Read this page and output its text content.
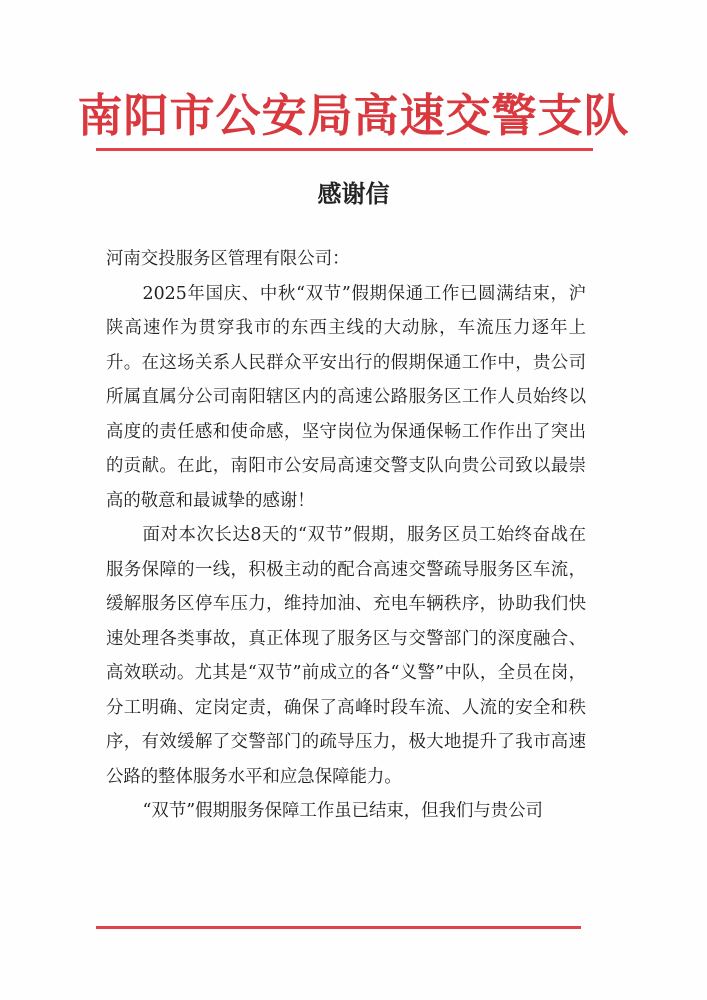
南阳市公安局高速交警支队
感谢信

河南交投服务区管理有限公司：

2025年国庆、中秋“双节”假期保通工作已圆满结束，沪陕高速作为贯穿我市的东西主线的大动脉，车流压力逐年上升。在这场关系人民群众平安出行的假期保通工作中，贵公司所属直属分公司南阳辖区内的高速公路服务区工作人员始终以高度的责任感和使命感，坚守岗位为保通保畅工作作出了突出的贡献。在此，南阳市公安局高速交警支队向贵公司致以最崇高的敬意和最诚挚的感谢！

面对本次长达8天的“双节”假期，服务区员工始终奋战在服务保障的一线，积极主动的配合高速交警疏导服务区车流，缓解服务区停车压力，维持加油、充电车辆秩序，协助我们快速处理各类事故，真正体现了服务区与交警部门的深度融合、高效联动。尤其是“双节”前成立的各“义警”中队，全员在岗，分工明确、定岗定责，确保了高峰时段车流、人流的安全和秩序，有效缓解了交警部门的疏导压力，极大地提升了我市高速公路的整体服务水平和应急保障能力。

“双节”假期服务保障工作虽已结束，但我们与贵公司
